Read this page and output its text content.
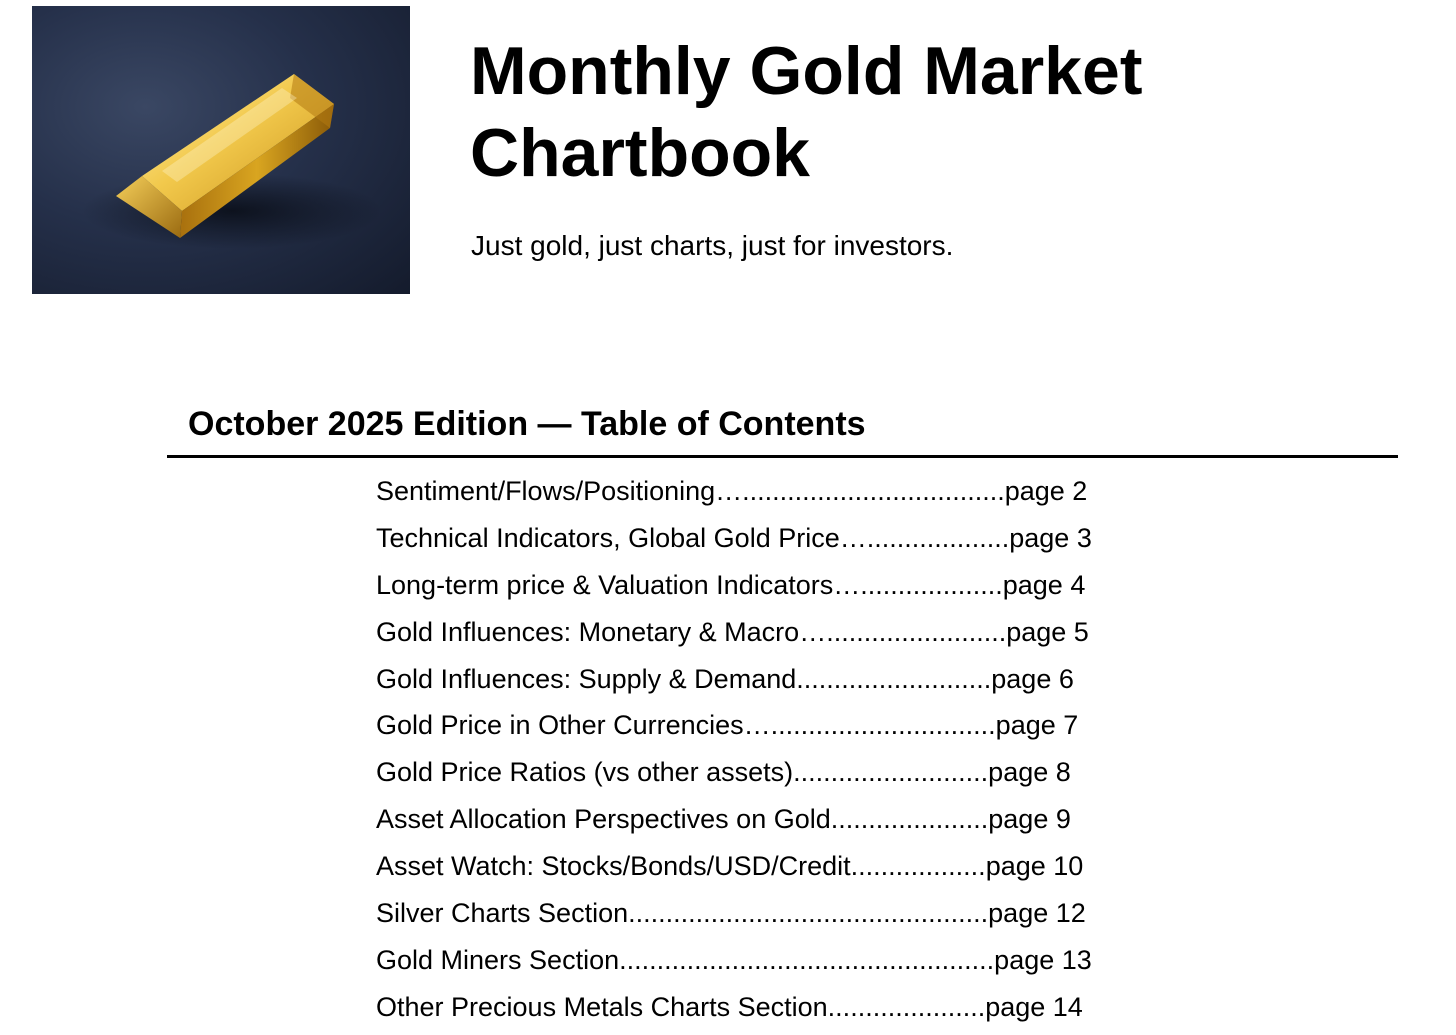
Monthly Gold Market
Chartbook

Just gold, just charts, just for investors.

October 2025 Edition — Table of Contents
Sentiment/Flows/Positioning…...................................page 2
Technical Indicators, Global Gold Price…...................page 3
Long-term price & Valuation Indicators…...................page 4
Gold Influences: Monetary & Macro…........................page 5
Gold Influences: Supply & Demand..........................page 6
Gold Price in Other Currencies…..............................page 7
Gold Price Ratios (vs other assets)..........................page 8
Asset Allocation Perspectives on Gold.....................page 9
Asset Watch: Stocks/Bonds/USD/Credit..................page 10
Silver Charts Section................................................page 12
Gold Miners Section..................................................page 13
Other Precious Metals Charts Section.....................page 14
